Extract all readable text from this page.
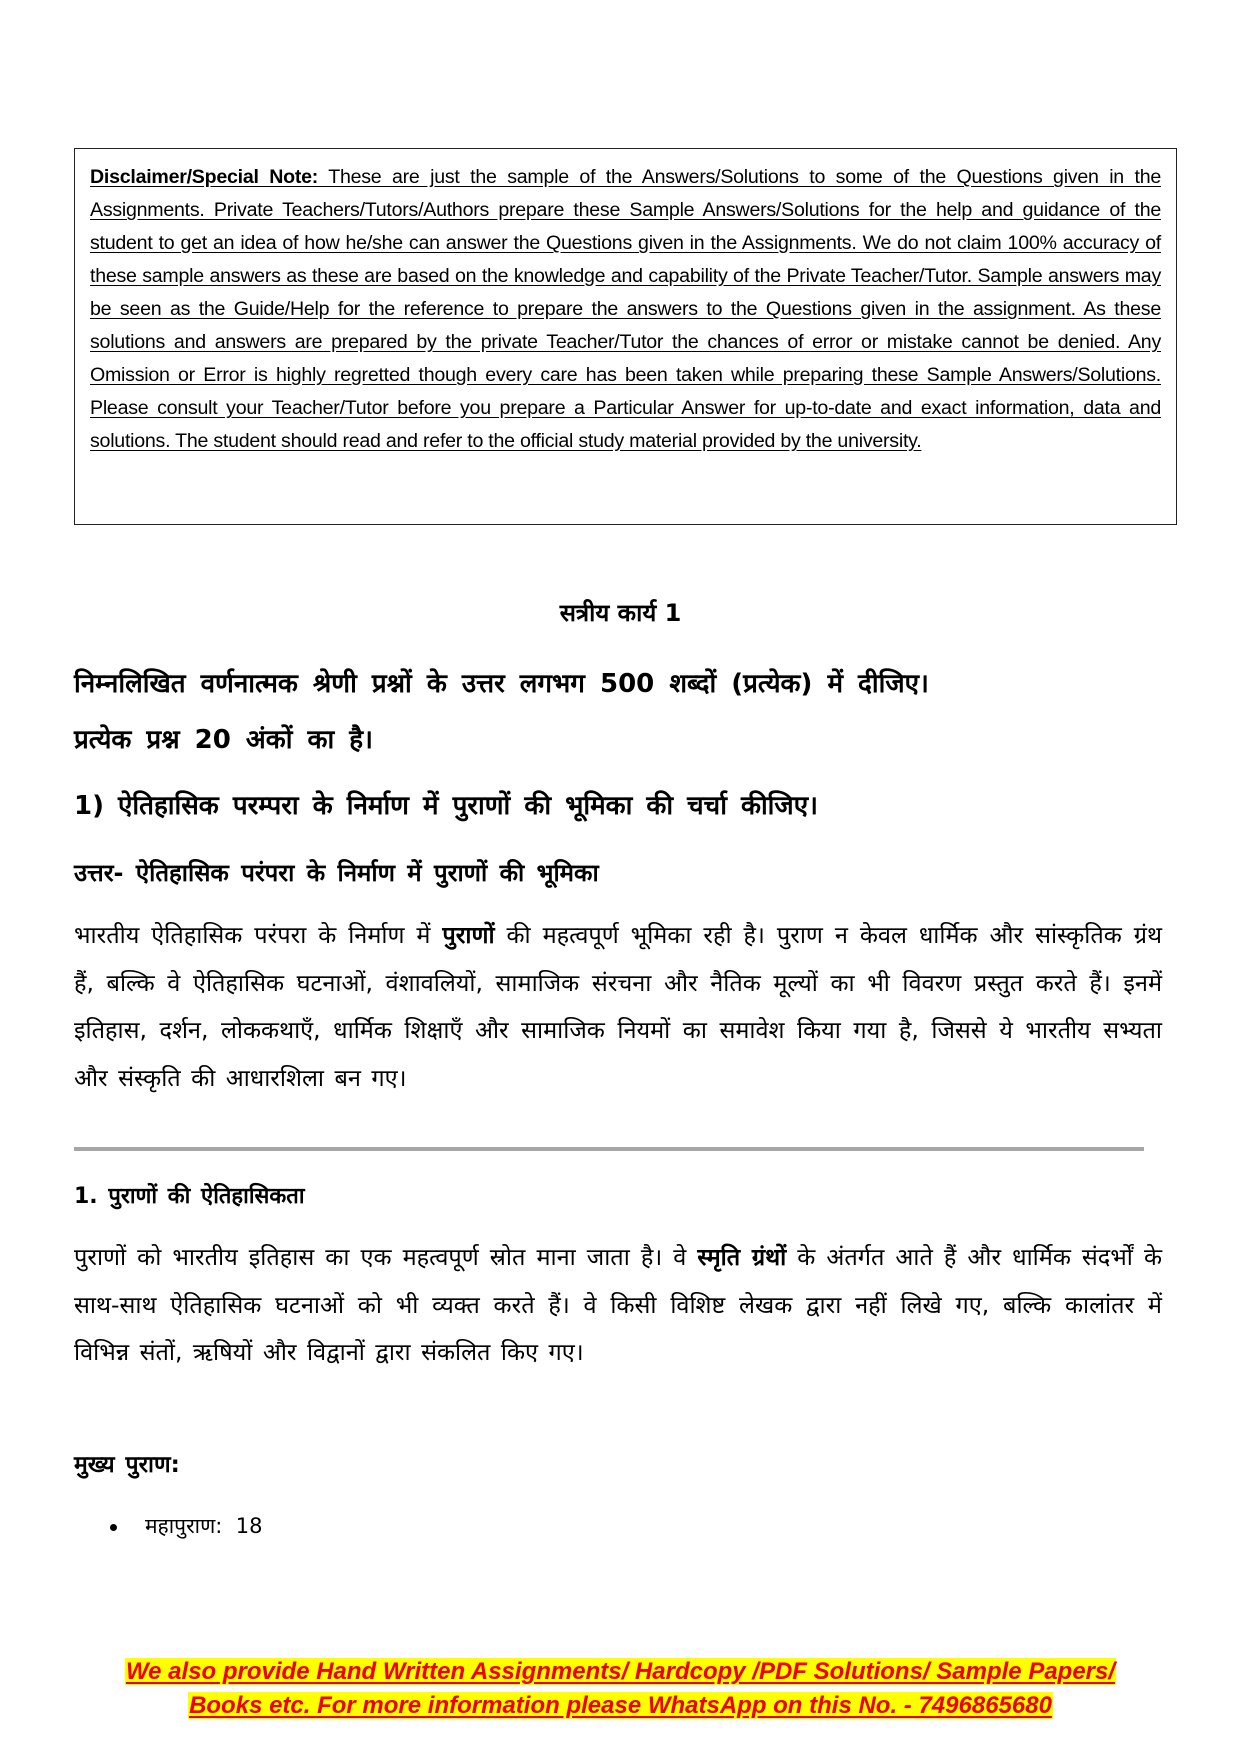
Disclaimer/Special Note: These are just the sample of the Answers/Solutions to some of the Questions given in the Assignments. Private Teachers/Tutors/Authors prepare these Sample Answers/Solutions for the help and guidance of the student to get an idea of how he/she can answer the Questions given in the Assignments. We do not claim 100% accuracy of these sample answers as these are based on the knowledge and capability of the Private Teacher/Tutor. Sample answers may be seen as the Guide/Help for the reference to prepare the answers to the Questions given in the assignment. As these solutions and answers are prepared by the private Teacher/Tutor the chances of error or mistake cannot be denied. Any Omission or Error is highly regretted though every care has been taken while preparing these Sample Answers/Solutions. Please consult your Teacher/Tutor before you prepare a Particular Answer for up-to-date and exact information, data and solutions. The student should read and refer to the official study material provided by the university.

सत्रीय कार्य 1
निम्नलिखित वर्णनात्मक श्रेणी प्रश्नों के उत्तर लगभग 500 शब्दों (प्रत्येक) में दीजिए।
प्रत्येक प्रश्न 20 अंकों का है।
1) ऐतिहासिक परम्परा के निर्माण में पुराणों की भूमिका की चर्चा कीजिए।
उत्तर- ऐतिहासिक परंपरा के निर्माण में पुराणों की भूमिका

भारतीय ऐतिहासिक परंपरा के निर्माण में पुराणों की महत्वपूर्ण भूमिका रही है। पुराण न केवल धार्मिक और सांस्कृतिक ग्रंथ हैं, बल्कि वे ऐतिहासिक घटनाओं, वंशावलियों, सामाजिक संरचना और नैतिक मूल्यों का भी विवरण प्रस्तुत करते हैं। इनमें इतिहास, दर्शन, लोककथाएँ, धार्मिक शिक्षाएँ और सामाजिक नियमों का समावेश किया गया है, जिससे ये भारतीय सभ्यता और संस्कृति की आधारशिला बन गए।

1. पुराणों की ऐतिहासिकता

पुराणों को भारतीय इतिहास का एक महत्वपूर्ण स्रोत माना जाता है। वे स्मृति ग्रंथों के अंतर्गत आते हैं और धार्मिक संदर्भों के साथ-साथ ऐतिहासिक घटनाओं को भी व्यक्त करते हैं। वे किसी विशिष्ट लेखक द्वारा नहीं लिखे गए, बल्कि कालांतर में विभिन्न संतों, ऋषियों और विद्वानों द्वारा संकलित किए गए।

मुख्य पुराण:
महापुराण: 18
We also provide Hand Written Assignments/ Hardcopy /PDF Solutions/ Sample Papers/
Books etc. For more information please WhatsApp on this No. - 7496865680
